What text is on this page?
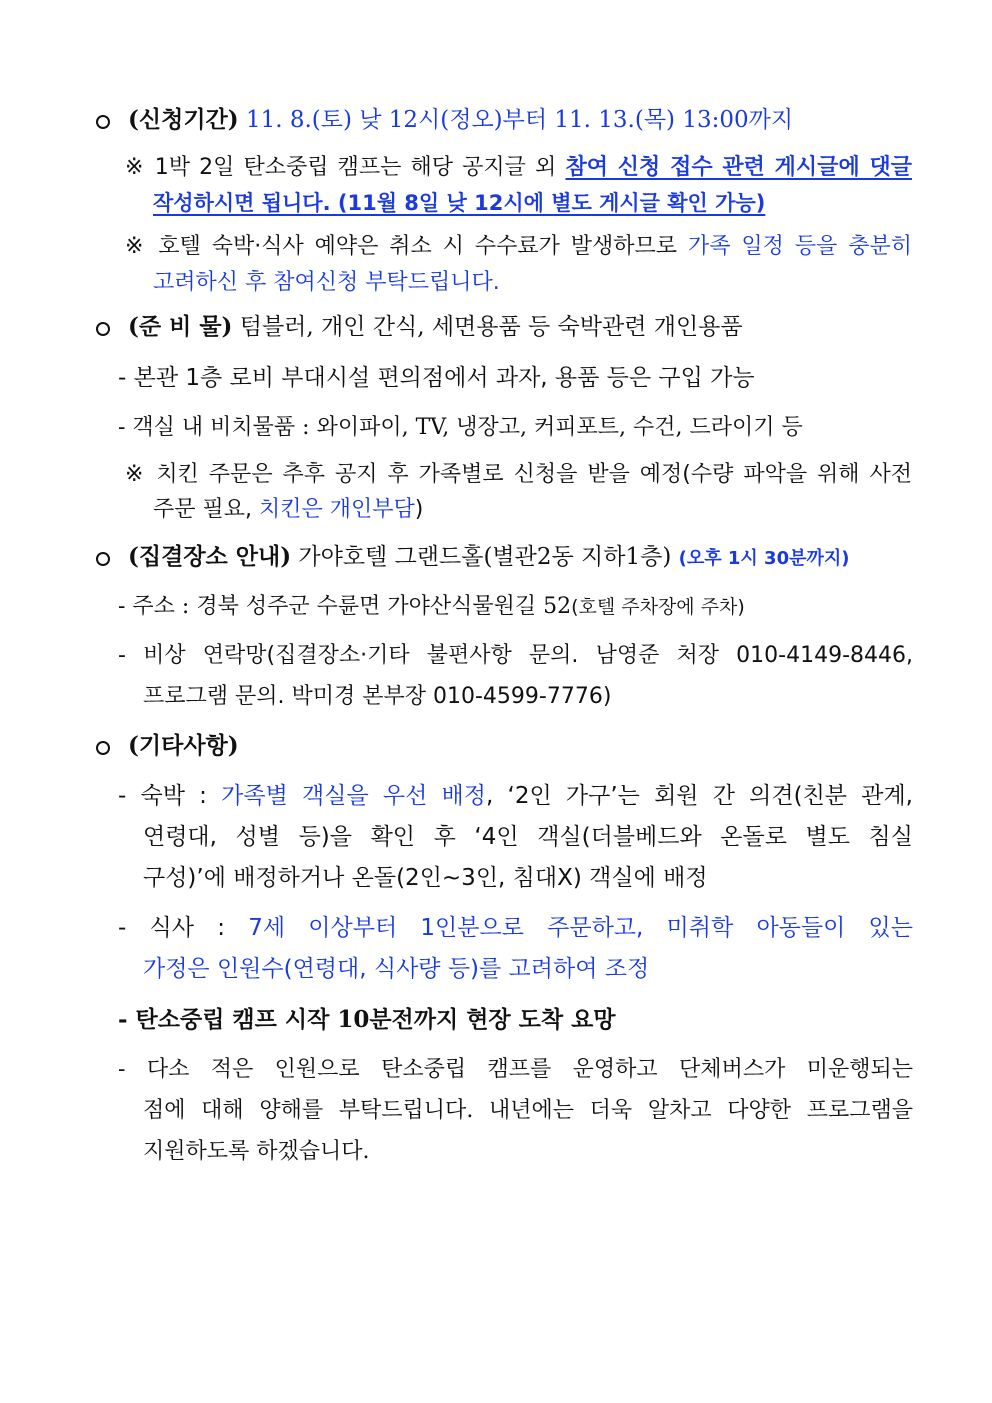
(신청기간) 11. 8.(토) 낮 12시(정오)부터 11. 13.(목) 13:00까지
※ 1박 2일 탄소중립 캠프는 해당 공지글 외 참여 신청 접수 관련 게시글에 댓글
작성하시면 됩니다. (11월 8일 낮 12시에 별도 게시글 확인 가능)
※ 호텔 숙박·식사 예약은 취소 시 수수료가 발생하므로 가족 일정 등을 충분히
고려하신 후 참여신청 부탁드립니다.
(준 비 물) 텀블러, 개인 간식, 세면용품 등 숙박관련 개인용품
- 본관 1층 로비 부대시설 편의점에서 과자, 용품 등은 구입 가능
- 객실 내 비치물품 : 와이파이, TV, 냉장고, 커피포트, 수건, 드라이기 등
※ 치킨 주문은 추후 공지 후 가족별로 신청을 받을 예정(수량 파악을 위해 사전
주문 필요, 치킨은 개인부담)
(집결장소 안내) 가야호텔 그랜드홀(별관2동 지하1층) (오후 1시 30분까지)
- 주소 : 경북 성주군 수륜면 가야산식물원길 52(호텔 주차장에 주차)
- 비상 연락망(집결장소·기타 불편사항 문의. 남영준 처장 010-4149-8446,
프로그램 문의. 박미경 본부장 010-4599-7776)
(기타사항)
- 숙박 : 가족별 객실을 우선 배정, ‘2인 가구’는 회원 간 의견(친분 관계,
연령대, 성별 등)을 확인 후 ‘4인 객실(더블베드와 온돌로 별도 침실
구성)’에 배정하거나 온돌(2인~3인, 침대X) 객실에 배정
- 식사 : 7세 이상부터 1인분으로 주문하고, 미취학 아동들이 있는
가정은 인원수(연령대, 식사량 등)를 고려하여 조정
- 탄소중립 캠프 시작 10분전까지 현장 도착 요망
- 다소 적은 인원으로 탄소중립 캠프를 운영하고 단체버스가 미운행되는
점에 대해 양해를 부탁드립니다. 내년에는 더욱 알차고 다양한 프로그램을
지원하도록 하겠습니다.
